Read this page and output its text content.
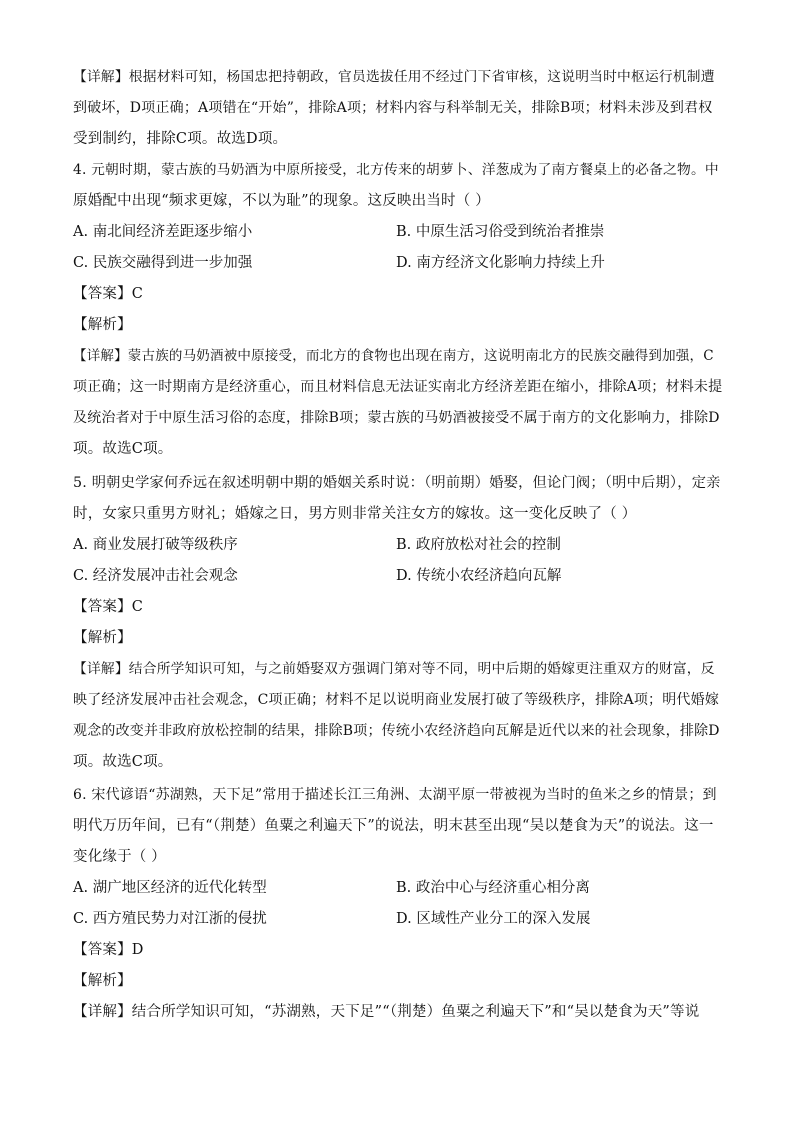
【详解】根据材料可知，杨国忠把持朝政，官员选拔任用不经过门下省审核，这说明当时中枢运行机制遭
到破坏，D项正确；A项错在“开始”，排除A项；材料内容与科举制无关，排除B项；材料未涉及到君权
受到制约，排除C项。故选D项。
4. 元朝时期，蒙古族的马奶酒为中原所接受，北方传来的胡萝卜、洋葱成为了南方餐桌上的必备之物。中
原婚配中出现“频求更嫁，不以为耻”的现象。这反映出当时（ ）
A. 南北间经济差距逐步缩小	B. 中原生活习俗受到统治者推崇
C. 民族交融得到进一步加强	D. 南方经济文化影响力持续上升
【答案】C
【解析】
【详解】蒙古族的马奶酒被中原接受，而北方的食物也出现在南方，这说明南北方的民族交融得到加强，C
项正确；这一时期南方是经济重心，而且材料信息无法证实南北方经济差距在缩小，排除A项；材料未提
及统治者对于中原生活习俗的态度，排除B项；蒙古族的马奶酒被接受不属于南方的文化影响力，排除D
项。故选C项。
5. 明朝史学家何乔远在叙述明朝中期的婚姻关系时说：（明前期）婚娶，但论门阀；（明中后期），定亲
时，女家只重男方财礼；婚嫁之日，男方则非常关注女方的嫁妆。这一变化反映了（ ）
A. 商业发展打破等级秩序	B. 政府放松对社会的控制
C. 经济发展冲击社会观念	D. 传统小农经济趋向瓦解
【答案】C
【解析】
【详解】结合所学知识可知，与之前婚娶双方强调门第对等不同，明中后期的婚嫁更注重双方的财富，反
映了经济发展冲击社会观念，C项正确；材料不足以说明商业发展打破了等级秩序，排除A项；明代婚嫁
观念的改变并非政府放松控制的结果，排除B项；传统小农经济趋向瓦解是近代以来的社会现象，排除D
项。故选C项。
6. 宋代谚语“苏湖熟，天下足”常用于描述长江三角洲、太湖平原一带被视为当时的鱼米之乡的情景；到
明代万历年间，已有“（荆楚）鱼粟之利遍天下”的说法，明末甚至出现“吴以楚食为天”的说法。这一
变化缘于（ ）
A. 湖广地区经济的近代化转型	B. 政治中心与经济重心相分离
C. 西方殖民势力对江浙的侵扰	D. 区域性产业分工的深入发展
【答案】D
【解析】
【详解】结合所学知识可知，“苏湖熟，天下足”“（荆楚）鱼粟之利遍天下”和“吴以楚食为天”等说
